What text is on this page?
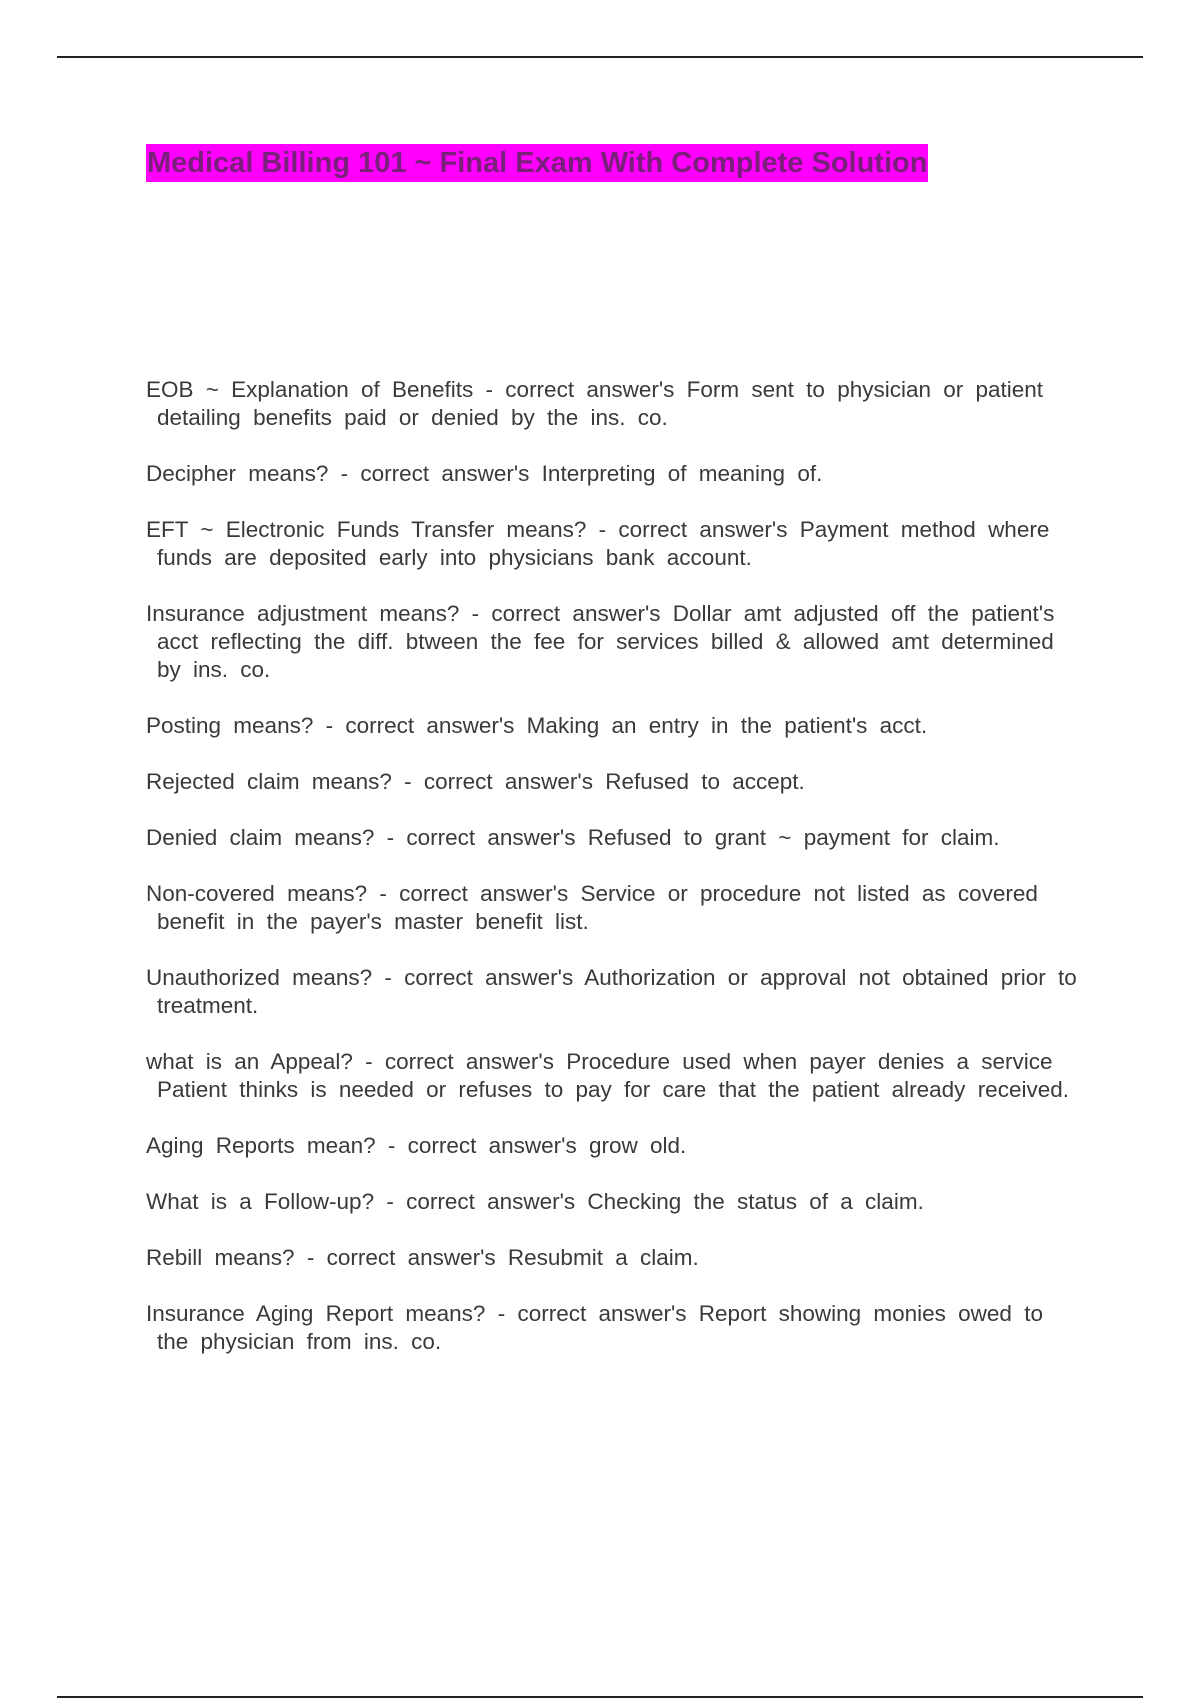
Medical Billing 101 ~ Final Exam With Complete Solution
EOB ~ Explanation of Benefits - correct answer's Form sent to physician or patient detailing benefits paid or denied by the ins. co.
Decipher means? - correct answer's Interpreting of meaning of.
EFT ~ Electronic Funds Transfer means? - correct answer's Payment method where funds are deposited early into physicians bank account.
Insurance adjustment means? - correct answer's Dollar amt adjusted off the patient's acct reflecting the diff. btween the fee for services billed & allowed amt determined by ins. co.
Posting means? - correct answer's Making an entry in the patient's acct.
Rejected claim means? - correct answer's Refused to accept.
Denied claim means? - correct answer's Refused to grant ~ payment for claim.
Non-covered means? - correct answer's Service or procedure not listed as covered benefit in the payer's master benefit list.
Unauthorized means? - correct answer's Authorization or approval not obtained prior to treatment.
what is an Appeal? - correct answer's Procedure used when payer denies a service Patient thinks is needed or refuses to pay for care that the patient already received.
Aging Reports mean? - correct answer's grow old.
What is a Follow-up? - correct answer's Checking the status of a claim.
Rebill means? - correct answer's Resubmit a claim.
Insurance Aging Report means? - correct answer's Report showing monies owed to the physician from ins. co.
